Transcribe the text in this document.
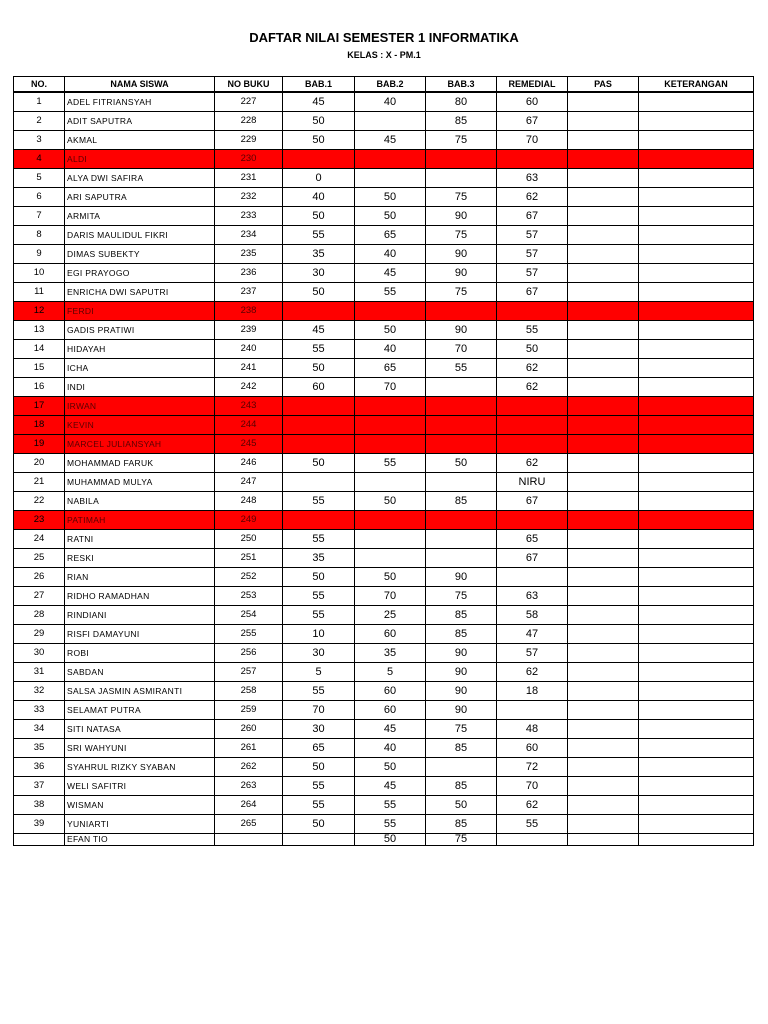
DAFTAR NILAI SEMESTER 1 INFORMATIKA
KELAS : X - PM.1
NO.	NAMA SISWA	NO BUKU	BAB.1	BAB.2	BAB.3	REMEDIAL	PAS	KETERANGAN
1	ADEL FITRIANSYAH	227	45	40	80	60		
2	ADIT SAPUTRA	228	50		85	67		
3	AKMAL	229	50	45	75	70		
4	ALDI	230						
5	ALYA DWI SAFIRA	231	0			63		
6	ARI SAPUTRA	232	40	50	75	62		
7	ARMITA	233	50	50	90	67		
8	DARIS MAULIDUL FIKRI	234	55	65	75	57		
9	DIMAS SUBEKTY	235	35	40	90	57		
10	EGI PRAYOGO	236	30	45	90	57		
11	ENRICHA DWI SAPUTRI	237	50	55	75	67		
12	FERDI	238						
13	GADIS PRATIWI	239	45	50	90	55		
14	HIDAYAH	240	55	40	70	50		
15	ICHA	241	50	65	55	62		
16	INDI	242	60	70		62		
17	IRWAN	243						
18	KEVIN	244						
19	MARCEL JULIANSYAH	245						
20	MOHAMMAD FARUK	246	50	55	50	62		
21	MUHAMMAD MULYA	247				NIRU		
22	NABILA	248	55	50	85	67		
23	PATIMAH	249						
24	RATNI	250	55			65		
25	RESKI	251	35			67		
26	RIAN	252	50	50	90			
27	RIDHO RAMADHAN	253	55	70	75	63		
28	RINDIANI	254	55	25	85	58		
29	RISFI DAMAYUNI	255	10	60	85	47		
30	ROBI	256	30	35	90	57		
31	SABDAN	257	5	5	90	62		
32	SALSA JASMIN ASMIRANTI	258	55	60	90	18		
33	SELAMAT PUTRA	259	70	60	90			
34	SITI NATASA	260	30	45	75	48		
35	SRI WAHYUNI	261	65	40	85	60		
36	SYAHRUL RIZKY SYABAN	262	50	50		72		
37	WELI SAFITRI	263	55	45	85	70		
38	WISMAN	264	55	55	50	62		
39	YUNIARTI	265	50	55	85	55		
	EFAN TIO			50	75			
